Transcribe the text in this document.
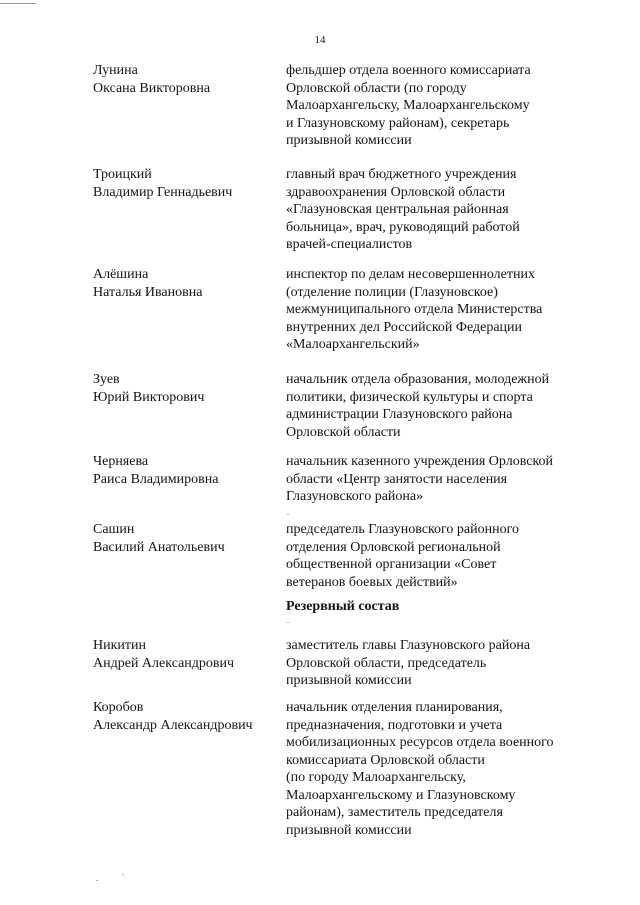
14
Лунина
Оксана Викторовна
фельдшер отдела военного комиссариата
Орловской области (по городу
Малоархангельску, Малоархангельскому
и Глазуновскому районам), секретарь
призывной комиссии
Троицкий
Владимир Геннадьевич
главный врач бюджетного учреждения
здравоохранения Орловской области
«Глазуновская центральная районная
больница», врач, руководящий работой
врачей-специалистов
Алёшина
Наталья Ивановна
инспектор по делам несовершеннолетних
(отделение полиции (Глазуновское)
межмуниципального отдела Министерства
внутренних дел Российской Федерации
«Малоархангельский»
Зуев
Юрий Викторович
начальник отдела образования, молодежной
политики, физической культуры и спорта
администрации Глазуновского района
Орловской области
Черняева
Раиса Владимировна
начальник казенного учреждения Орловской
области «Центр занятости населения
Глазуновского района»
Сашин
Василий Анатольевич
председатель Глазуновского районного
отделения Орловской региональной
общественной организации «Совет
ветеранов боевых действий»
Резервный состав
Никитин
Андрей Александрович
заместитель главы Глазуновского района
Орловской области, председатель
призывной комиссии
Коробов
Александр Александрович
начальник отделения планирования,
предназначения, подготовки и учета
мобилизационных ресурсов отдела военного
комиссариата Орловской области
(по городу Малоархангельску,
Малоархангельскому и Глазуновскому
районам), заместитель председателя
призывной комиссии
